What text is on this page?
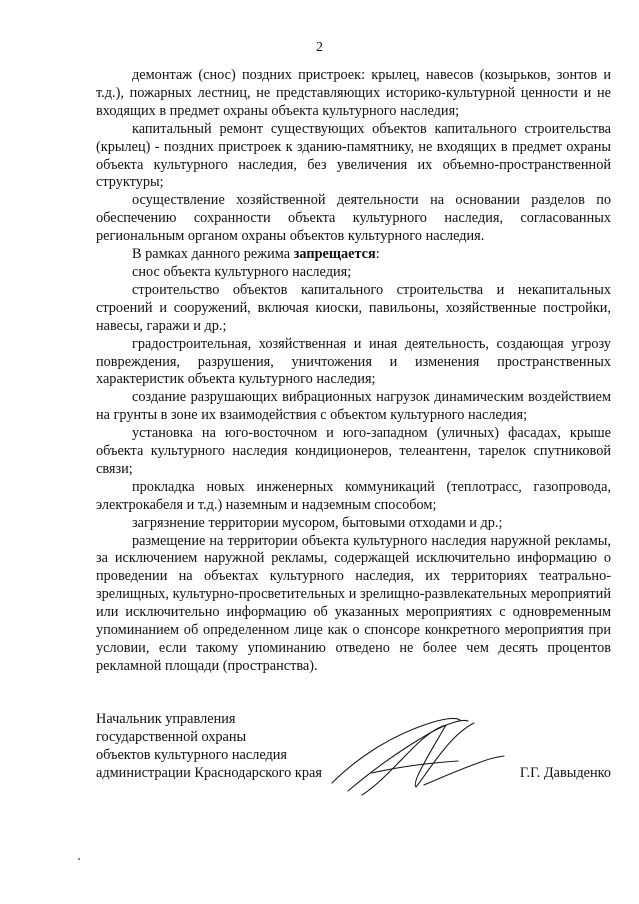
2

демонтаж (снос) поздних пристроек: крылец, навесов (козырьков, зонтов и т.д.), пожарных лестниц, не представляющих историко-культурной ценности и не входящих в предмет охраны объекта культурного наследия;

капитальный ремонт существующих объектов капитального строительства (крылец) - поздних пристроек к зданию-памятнику, не входящих в предмет охраны объекта культурного наследия, без увеличения их объемно-пространственной структуры;

осуществление хозяйственной деятельности на основании разделов по обеспечению сохранности объекта культурного наследия, согласованных региональным органом охраны объектов культурного наследия.

В рамках данного режима запрещается:

снос объекта культурного наследия;

строительство объектов капитального строительства и некапитальных строений и сооружений, включая киоски, павильоны, хозяйственные постройки, навесы, гаражи и др.;

градостроительная, хозяйственная и иная деятельность, создающая угрозу повреждения, разрушения, уничтожения и изменения пространственных характеристик объекта культурного наследия;

создание разрушающих вибрационных нагрузок динамическим воздействием на грунты в зоне их взаимодействия с объектом культурного наследия;

установка на юго-восточном и юго-западном (уличных) фасадах, крыше объекта культурного наследия кондиционеров, телеантенн, тарелок спутниковой связи;

прокладка новых инженерных коммуникаций (теплотрасс, газопровода, электрокабеля и т.д.) наземным и надземным способом;

загрязнение территории мусором, бытовыми отходами и др.;

размещение на территории объекта культурного наследия наружной рекламы, за исключением наружной рекламы, содержащей исключительно информацию о проведении на объектах культурного наследия, их территориях театрально-зрелищных, культурно-просветительных и зрелищно-развлекательных мероприятий или исключительно информацию об указанных мероприятиях с одновременным упоминанием об определенном лице как о спонсоре конкретного мероприятия при условии, если такому упоминанию отведено не более чем десять процентов рекламной площади (пространства).

Начальник управления
государственной охраны
объектов культурного наследия
администрации Краснодарского края	Г.Г. Давыденко
